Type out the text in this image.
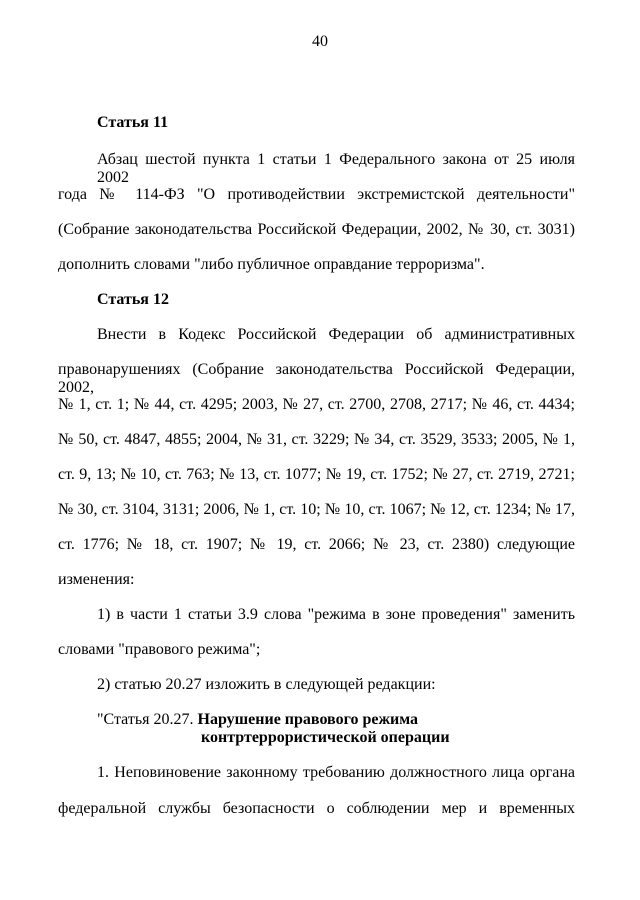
40
Статья 11
Абзац шестой пункта 1 статьи 1 Федерального закона от 25 июля 2002
года № 114-ФЗ "О противодействии экстремистской деятельности"
(Собрание законодательства Российской Федерации, 2002, № 30, ст. 3031)
дополнить словами "либо публичное оправдание терроризма".
Статья 12
Внести в Кодекс Российской Федерации об административных
правонарушениях (Собрание законодательства Российской Федерации, 2002,
№ 1, ст. 1; № 44, ст. 4295; 2003, № 27, ст. 2700, 2708, 2717; № 46, ст. 4434;
№ 50, ст. 4847, 4855; 2004, № 31, ст. 3229; № 34, ст. 3529, 3533; 2005, № 1,
ст. 9, 13; № 10, ст. 763; № 13, ст. 1077; № 19, ст. 1752; № 27, ст. 2719, 2721;
№ 30, ст. 3104, 3131; 2006, № 1, ст. 10; № 10, ст. 1067; № 12, ст. 1234; № 17,
ст. 1776; № 18, ст. 1907; № 19, ст. 2066; № 23, ст. 2380) следующие
изменения:
1) в части 1 статьи 3.9 слова "режима в зоне проведения" заменить
словами "правового режима";
2) статью 20.27 изложить в следующей редакции:
"Статья 20.27. Нарушение правового режима
контртеррористической операции
1. Неповиновение законному требованию должностного лица органа
федеральной службы безопасности о соблюдении мер и временных
